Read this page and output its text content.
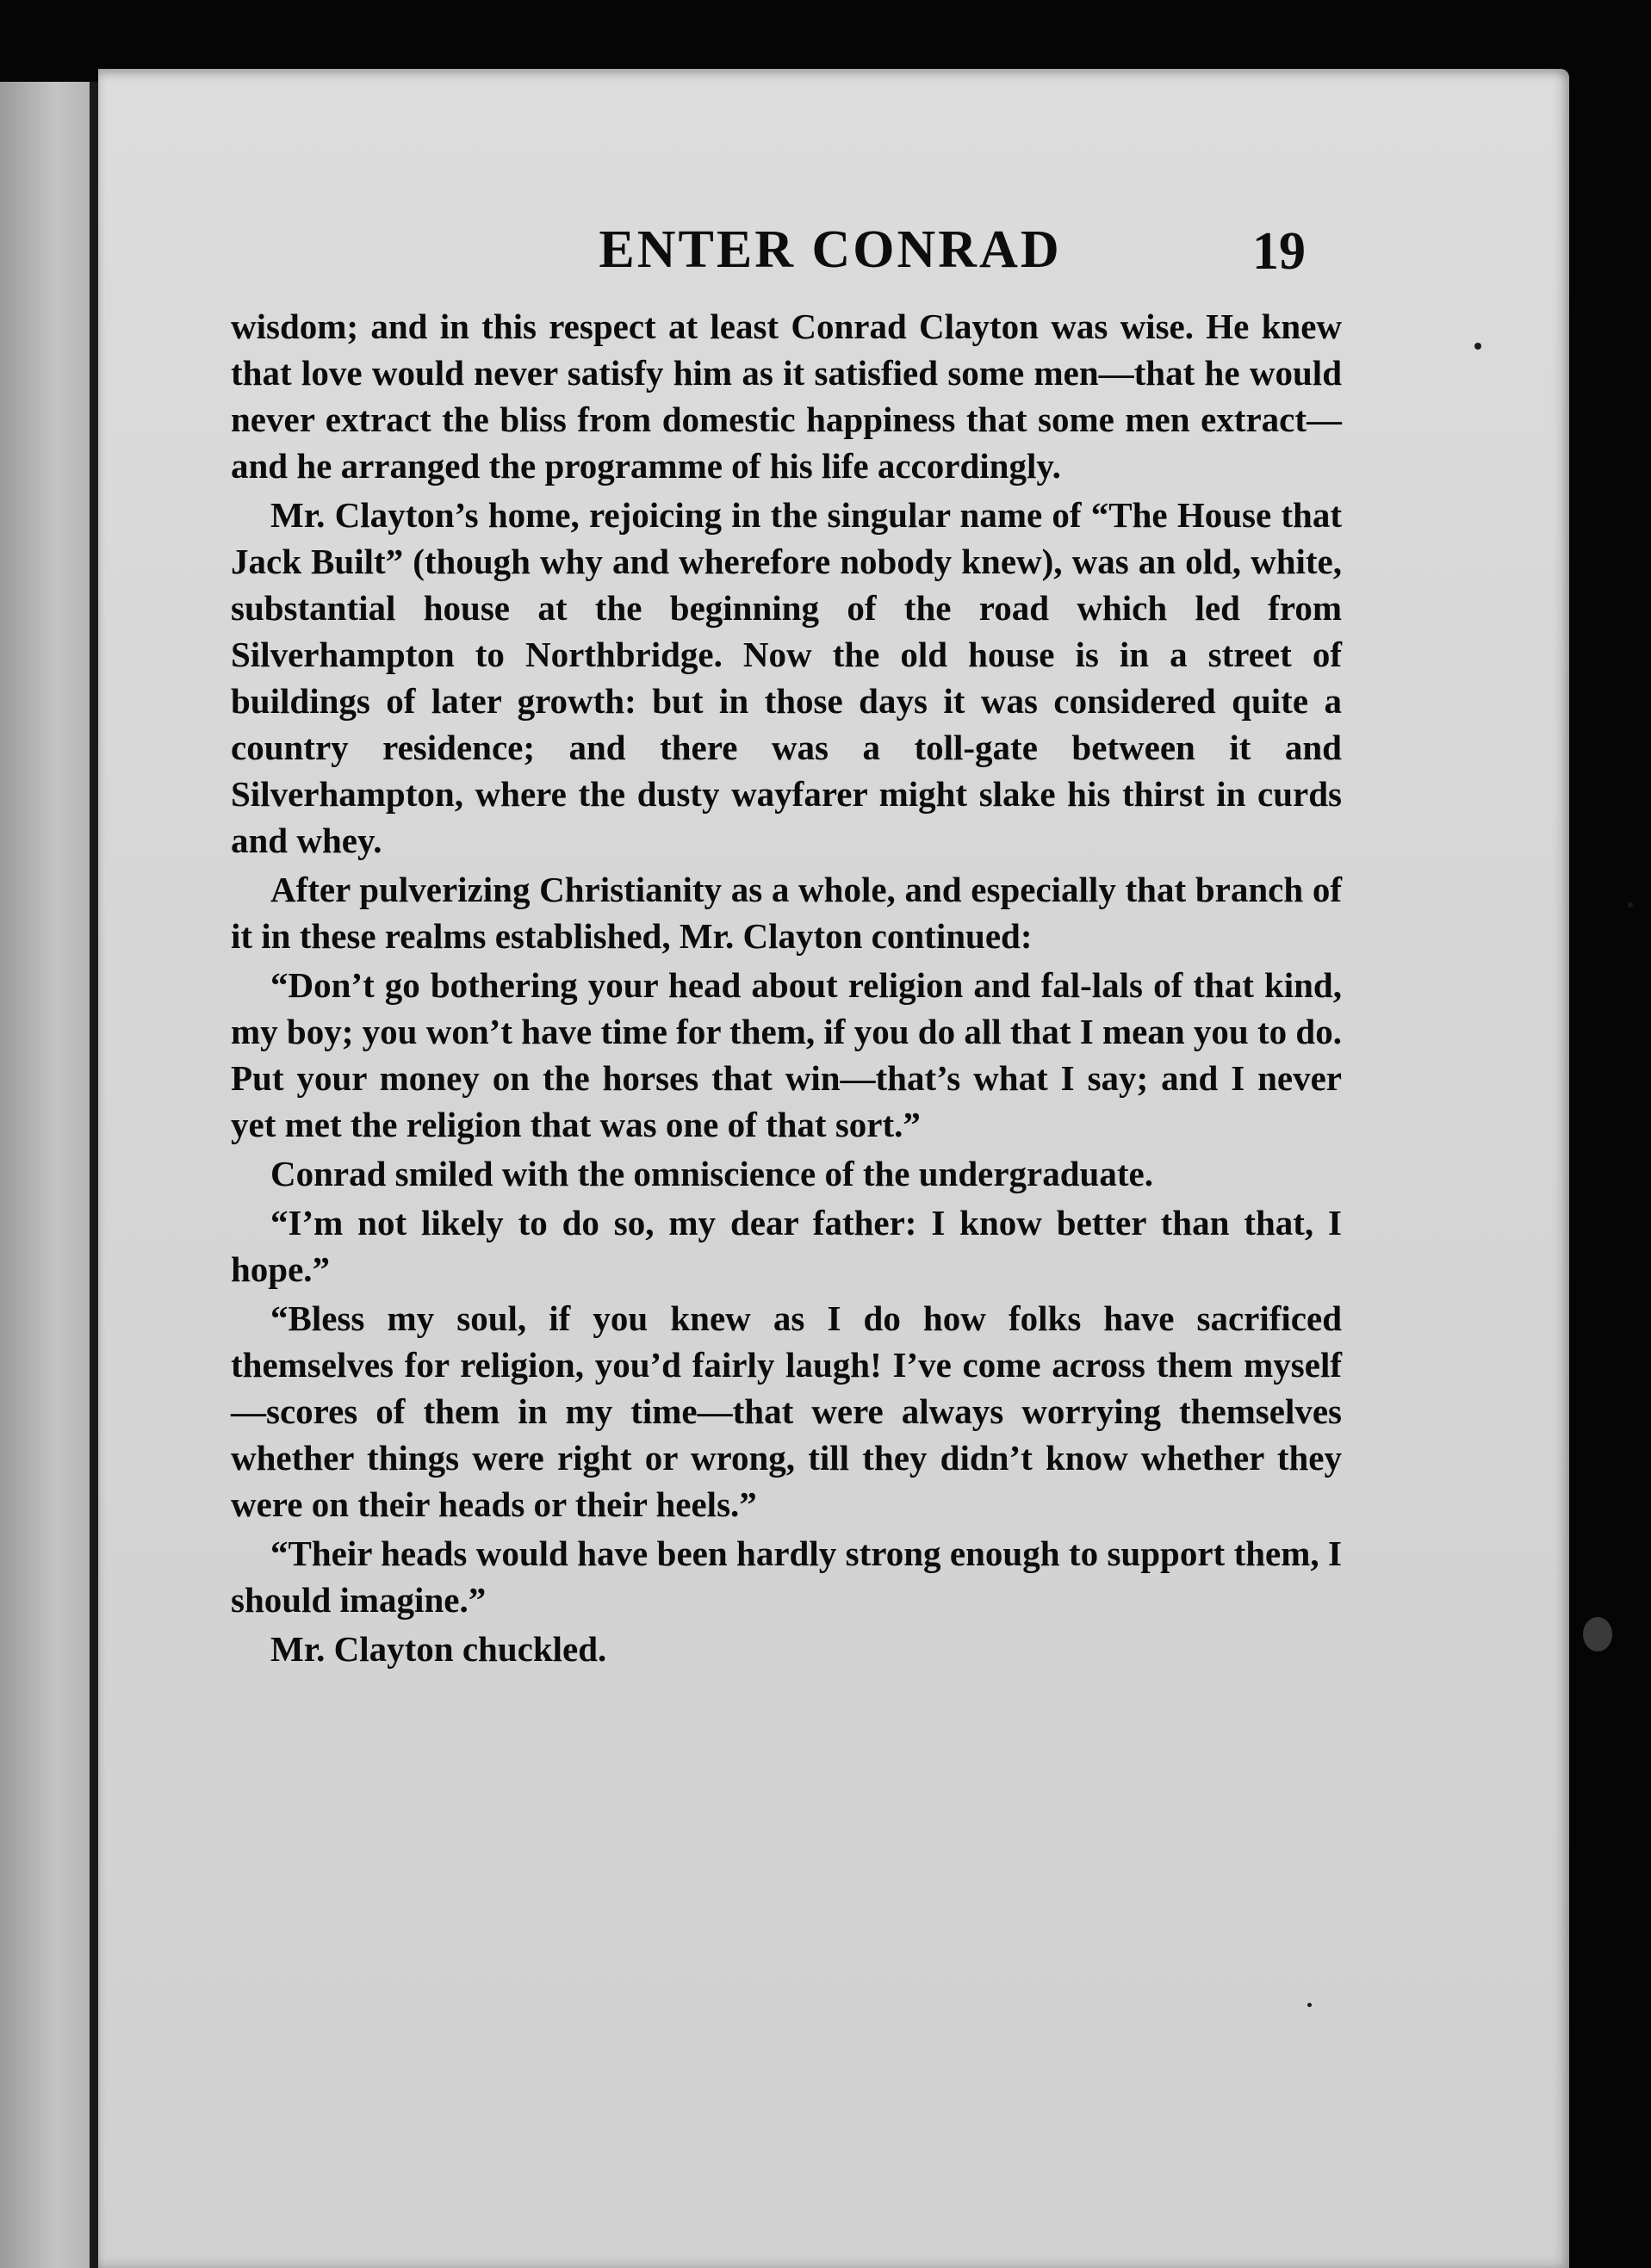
ENTER CONRAD	19

wisdom; and in this respect at least Conrad Clayton was wise. He knew that love would never satisfy him as it satisfied some men—that he would never extract the bliss from domestic happiness that some men extract—and he arranged the programme of his life accordingly.

Mr. Clayton’s home, rejoicing in the singular name of “The House that Jack Built” (though why and wherefore nobody knew), was an old, white, substantial house at the beginning of the road which led from Silverhampton to Northbridge. Now the old house is in a street of buildings of later growth: but in those days it was considered quite a country residence; and there was a toll-gate between it and Silverhampton, where the dusty wayfarer might slake his thirst in curds and whey.

After pulverizing Christianity as a whole, and especially that branch of it in these realms established, Mr. Clayton continued:

“Don’t go bothering your head about religion and fal-lals of that kind, my boy; you won’t have time for them, if you do all that I mean you to do. Put your money on the horses that win—that’s what I say; and I never yet met the religion that was one of that sort.”

Conrad smiled with the omniscience of the undergraduate.

“I’m not likely to do so, my dear father: I know better than that, I hope.”

“Bless my soul, if you knew as I do how folks have sacrificed themselves for religion, you’d fairly laugh! I’ve come across them myself—scores of them in my time—that were always worrying themselves whether things were right or wrong, till they didn’t know whether they were on their heads or their heels.”

“Their heads would have been hardly strong enough to support them, I should imagine.”

Mr. Clayton chuckled.
